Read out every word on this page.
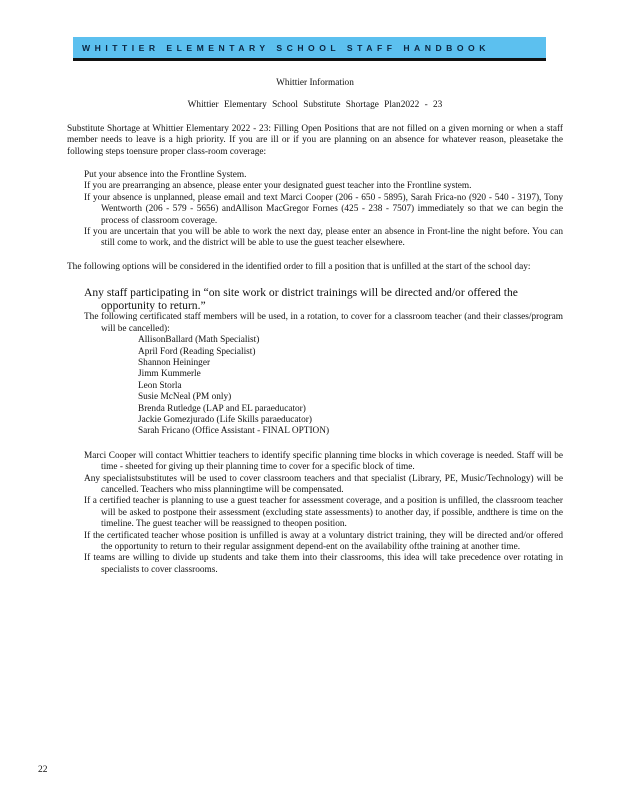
WHITTIER ELEMENTARY SCHOOL STAFF HANDBOOK
Whittier Information
Whittier Elementary School Substitute Shortage Plan2022 - 23

Substitute Shortage at Whittier Elementary 2022 - 23: Filling Open Positions that are not filled on a given morning or when a staff member needs to leave is a high priority. If you are ill or if you are planning on an absence for whatever reason, pleasetake the following steps toensure proper class-room coverage:

Put your absence into the Frontline System.
If you are prearranging an absence, please enter your designated guest teacher into the Frontline system.
If your absence is unplanned, please email and text Marci Cooper (206 - 650 - 5895), Sarah Frica-no (920 - 540 - 3197), Tony Wentworth (206 - 579 - 5656) andAllison MacGregor Fornes (425 - 238 - 7507) immediately so that we can begin the process of classroom coverage.
If you are uncertain that you will be able to work the next day, please enter an absence in Front-line the night before. You can still come to work, and the district will be able to use the guest teacher elsewhere.

The following options will be considered in the identified order to fill a position that is unfilled at the start of the school day:

Any staff participating in “on site work or district trainings will be directed and/or offered the opportunity to return.”
The following certificated staff members will be used, in a rotation, to cover for a classroom teacher (and their classes/program will be cancelled):
AllisonBallard (Math Specialist)
April Ford (Reading Specialist)
Shannon Heininger
Jimm Kummerle
Leon Storla
Susie McNeal (PM only)
Brenda Rutledge (LAP and EL paraeducator)
Jackie Gomezjurado (Life Skills paraeducator)
Sarah Fricano (Office Assistant - FINAL OPTION)
Marci Cooper will contact Whittier teachers to identify specific planning time blocks in which coverage is needed. Staff will be time - sheeted for giving up their planning time to cover for a specific block of time.
Any specialistsubstitutes will be used to cover classroom teachers and that specialist (Library, PE, Music/Technology) will be cancelled. Teachers who miss planningtime will be compensated.
If a certified teacher is planning to use a guest teacher for assessment coverage, and a position is unfilled, the classroom teacher will be asked to postpone their assessment (excluding state assessments) to another day, if possible, andthere is time on the timeline. The guest teacher will be reassigned to theopen position.
If the certificated teacher whose position is unfilled is away at a voluntary district training, they will be directed and/or offered the opportunity to return to their regular assignment depend-ent on the availability ofthe training at another time.
If teams are willing to divide up students and take them into their classrooms, this idea will take precedence over rotating in specialists to cover classrooms.
22
